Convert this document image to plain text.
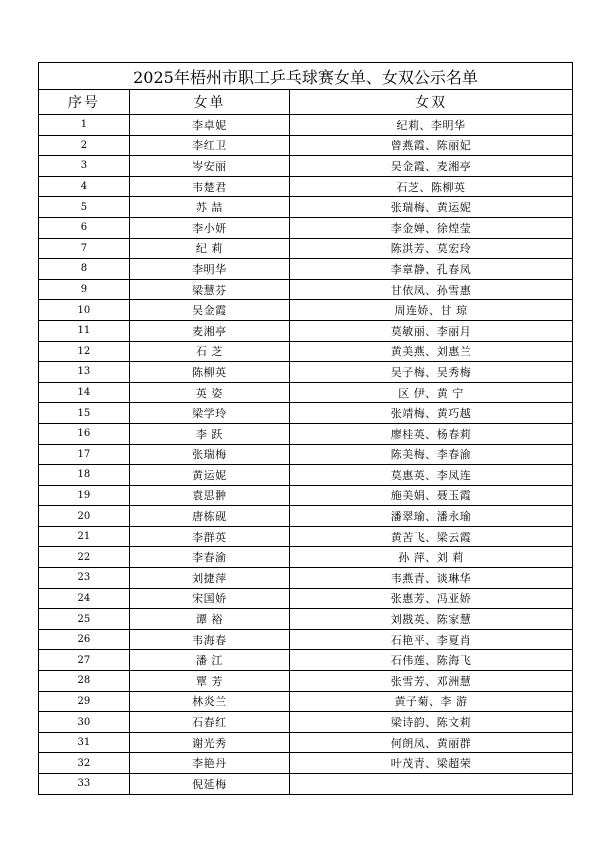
2025年梧州市职工乒乓球赛女单、女双公示名单		
序号	女单	女双
1	李卓妮	纪莉、李明华
2	李红卫	曾燕霞、陈丽妃
3	岑安丽	吴金霞、麦湘亭
4	韦楚君	石芝、陈柳英
5	苏 喆	张瑞梅、黄运妮
6	李小妍	李金婵、徐煌莹
7	纪 莉	陈洪芳、莫宏玲
8	李明华	李章静、孔春凤
9	梁慧芬	甘依凤、孙雪惠
10	吴金霞	周连娇、甘 琼
11	麦湘亭	莫敏丽、李丽月
12	石 芝	黄美燕、刘惠兰
13	陈柳英	吴子梅、吴秀梅
14	英 姿	区 伊、黄 宁
15	梁学玲	张靖梅、黄巧越
16	李 跃	廖桂英、杨春莉
17	张瑞梅	陈美梅、李春渝
18	黄运妮	莫惠英、李凤连
19	袁思翀	施美娟、聂玉霞
20	唐栋砚	潘翠瑜、潘永瑜
21	李群英	黄苦飞、梁云霞
22	李春渝	孙 萍、刘 莉
23	刘捷萍	韦燕青、谈琳华
24	宋国娇	张惠芳、冯亚娇
25	谭 裕	刘戡英、陈家慧
26	韦海春	石艳平、李夏肖
27	潘 江	石伟莲、陈海飞
28	覃 芳	张雪芳、邓洲慧
29	林炎兰	黄子菊、李 游
30	石春红	梁诗韵、陈文莉
31	谢光秀	何朗凤、黄丽群
32	李艳丹	叶茂青、梁超荣
33	倪延梅	
